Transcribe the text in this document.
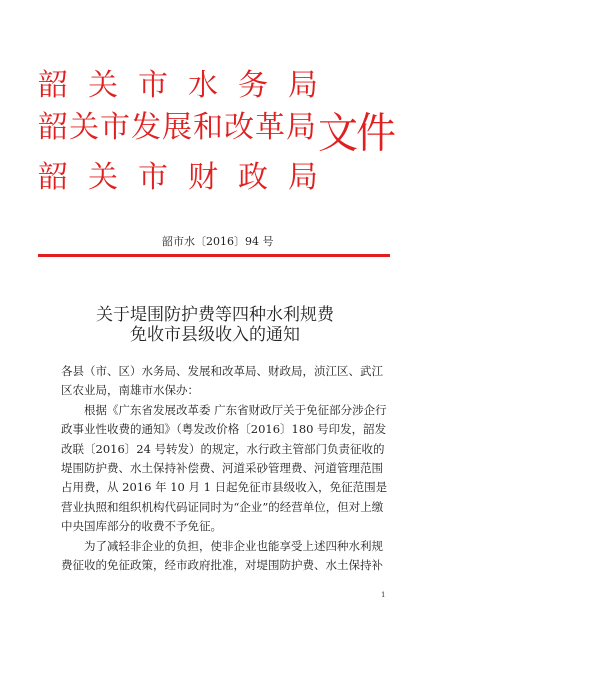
韶关市水务局
韶关市发展和改革局
韶关市财政局
文件
韶市水〔2016〕94 号
关于堤围防护费等四种水利规费
免收市县级收入的通知

各县（市、区）水务局、发展和改革局、财政局，浈江区、武江区农业局，南雄市水保办：

根据《广东省发展改革委 广东省财政厅关于免征部分涉企行政事业性收费的通知》（粤发改价格〔2016〕180 号印发，韶发改联〔2016〕24 号转发）的规定，水行政主管部门负责征收的堤围防护费、水土保持补偿费、河道采砂管理费、河道管理范围占用费，从 2016 年 10 月 1 日起免征市县级收入，免征范围是营业执照和组织机构代码证同时为“企业”的经营单位，但对上缴中央国库部分的收费不予免征。

为了减轻非企业的负担，使非企业也能享受上述四种水利规费征收的免征政策，经市政府批准，对堤围防护费、水土保持补

1
